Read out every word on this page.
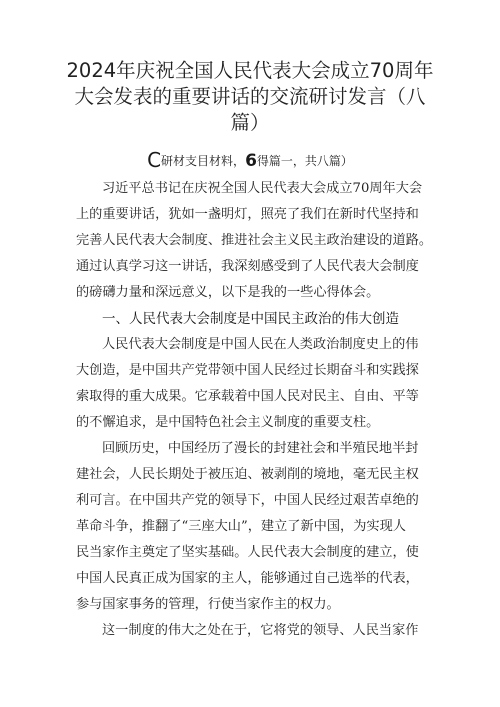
2024年庆祝全国人民代表大会成立70周年
大会发表的重要讲话的交流研讨发言（八
篇）
C研材支⽬材料，6得篇一，共八篇）
习近平总书记在庆祝全国人民代表大会成立70周年大会
上的重要讲话，犹如一盏明灯，照亮了我们在新时代坚持和
完善人民代表大会制度、推进社会主义民主政治建设的道路。
通过认真学习这一讲话，我深刻感受到了人民代表大会制度
的磅礴力量和深远意义，以下是我的一些心得体会。
一、人民代表大会制度是中国民主政治的伟大创造
人民代表大会制度是中国人民在人类政治制度史上的伟
大创造，是中国共产党带领中国人民经过长期奋斗和实践探
索取得的重大成果。它承载着中国人民对民主、自由、平等
的不懈追求，是中国特色社会主义制度的重要支柱。
回顾历史，中国经历了漫长的封建社会和半殖民地半封
建社会，人民长期处于被压迫、被剥削的境地，毫无民主权
利可言。在中国共产党的领导下，中国人民经过艰苦卓绝的
革命斗争，推翻了“三座大山”，建立了新中国，为实现人
民当家作主奠定了坚实基础。人民代表大会制度的建立，使
中国人民真正成为国家的主人，能够通过自己选举的代表，
参与国家事务的管理，行使当家作主的权力。
这一制度的伟大之处在于，它将党的领导、人民当家作
